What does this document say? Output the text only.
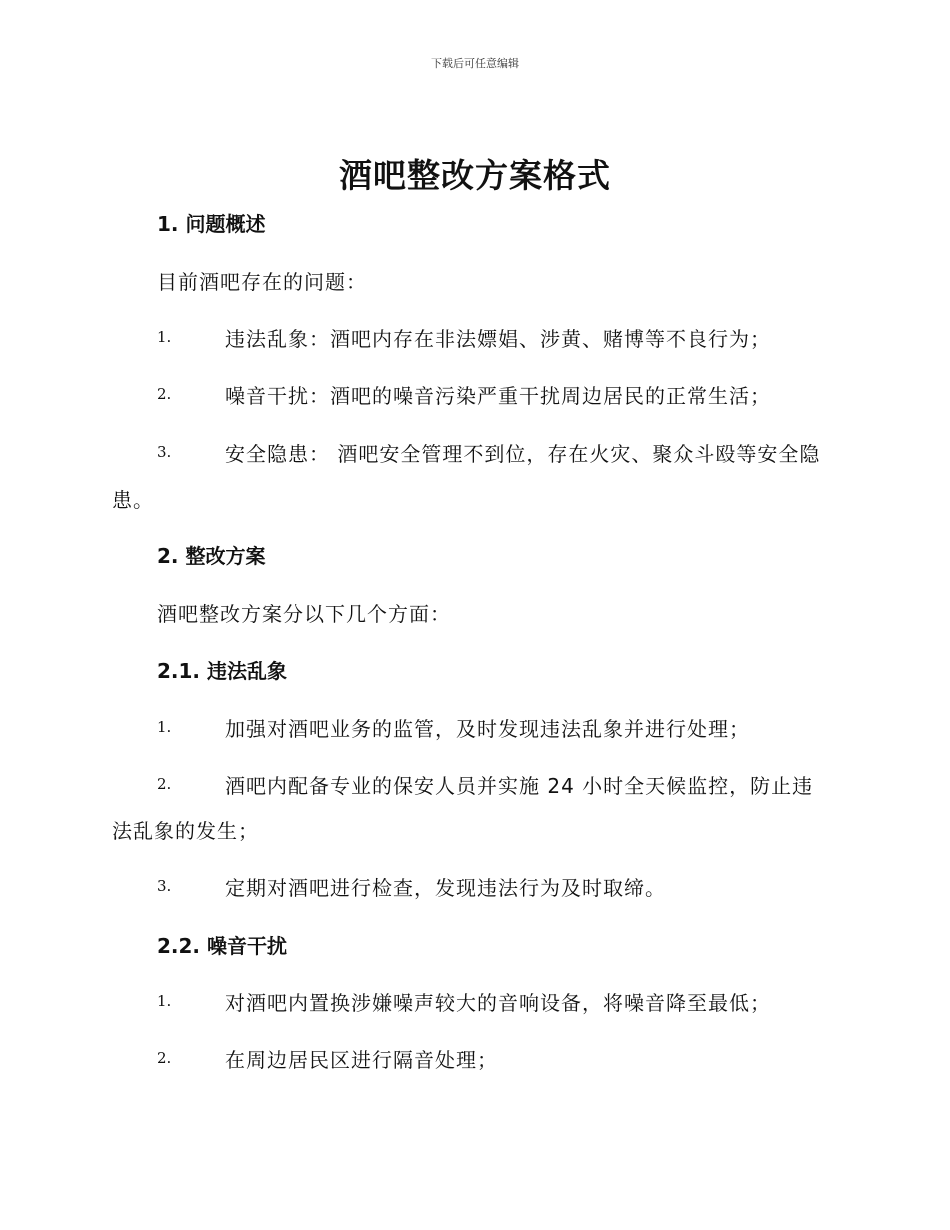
下载后可任意编辑
酒吧整改方案格式
1. 问题概述
目前酒吧存在的问题：
1.	违法乱象：酒吧内存在非法嫖娼、涉黄、赌博等不良行为；
2.	噪音干扰：酒吧的噪音污染严重干扰周边居民的正常生活；
3.	安全隐患： 酒吧安全管理不到位，存在火灾、聚众斗殴等安全隐
患。
2. 整改方案
酒吧整改方案分以下几个方面：
2.1. 违法乱象
1.	加强对酒吧业务的监管，及时发现违法乱象并进行处理；
2.	酒吧内配备专业的保安人员并实施 24 小时全天候监控，防止违
法乱象的发生；
3.	定期对酒吧进行检查，发现违法行为及时取缔。
2.2. 噪音干扰
1.	对酒吧内置换涉嫌噪声较大的音响设备，将噪音降至最低；
2.	在周边居民区进行隔音处理；
